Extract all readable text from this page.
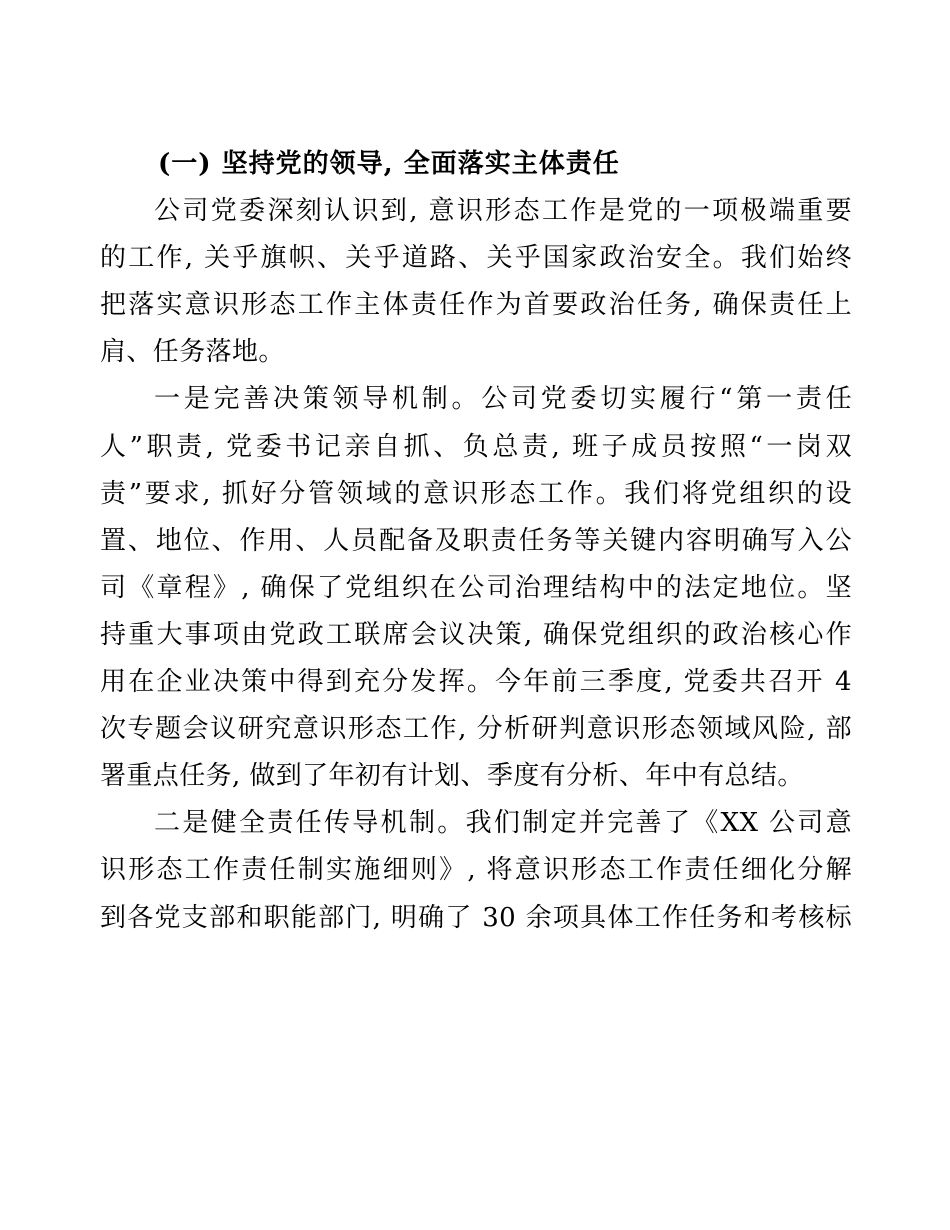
(一) 坚持党的领导, 全面落实主体责任
公司党委深刻认识到, 意识形态工作是党的一项极端重要
的工作, 关乎旗帜、关乎道路、关乎国家政治安全。我们始终
把落实意识形态工作主体责任作为首要政治任务, 确保责任上
肩、任务落地。
一是完善决策领导机制。公司党委切实履行“第一责任
人”职责, 党委书记亲自抓、负总责, 班子成员按照“一岗双
责”要求, 抓好分管领域的意识形态工作。我们将党组织的设
置、地位、作用、人员配备及职责任务等关键内容明确写入公
司《章程》, 确保了党组织在公司治理结构中的法定地位。坚
持重大事项由党政工联席会议决策, 确保党组织的政治核心作
用在企业决策中得到充分发挥。今年前三季度, 党委共召开 4
次专题会议研究意识形态工作, 分析研判意识形态领域风险, 部
署重点任务, 做到了年初有计划、季度有分析、年中有总结。
二是健全责任传导机制。我们制定并完善了《XX 公司意
识形态工作责任制实施细则》, 将意识形态工作责任细化分解
到各党支部和职能部门, 明确了 30 余项具体工作任务和考核标
